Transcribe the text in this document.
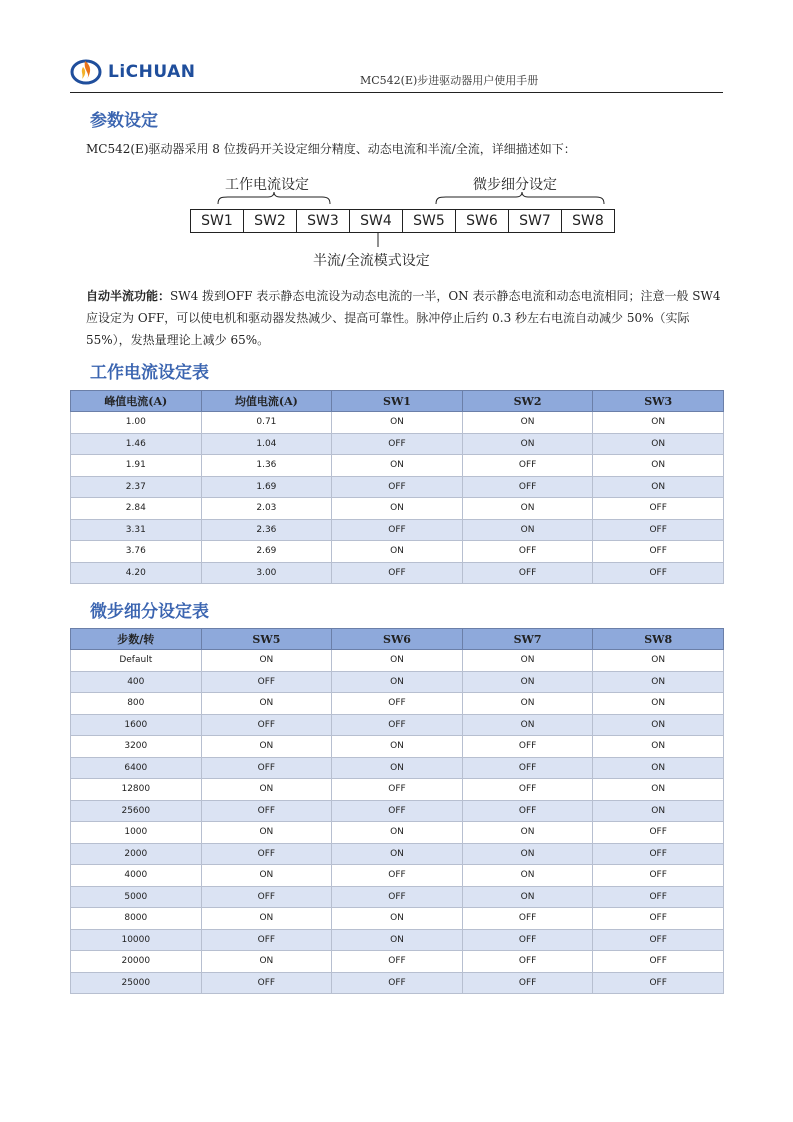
LiCHUAN	MC542(E)步进驱动器用户使用手册
参数设定

MC542(E)驱动器采用 8 位拨码开关设定细分精度、动态电流和半流/全流，详细描述如下：

工作电流设定	微步细分设定
SW1	SW2	SW3	SW4	SW5	SW6	SW7	SW8
半流/全流模式设定
自动半流功能：SW4 拨到OFF 表示静态电流设为动态电流的一半，ON 表示静态电流和动态电流相同；注意一般 SW4 应设定为 OFF，可以使电机和驱动器发热减少、提高可靠性。脉冲停止后约 0.3 秒左右电流自动减少 50%（实际 55%），发热量理论上减少 65%。
工作电流设定表
峰值电流(A)	均值电流(A)	SW1	SW2	SW3
1.00	0.71	ON	ON	ON
1.46	1.04	OFF	ON	ON
1.91	1.36	ON	OFF	ON
2.37	1.69	OFF	OFF	ON
2.84	2.03	ON	ON	OFF
3.31	2.36	OFF	ON	OFF
3.76	2.69	ON	OFF	OFF
4.20	3.00	OFF	OFF	OFF
微步细分设定表
步数/转	SW5	SW6	SW7	SW8
Default	ON	ON	ON	ON
400	OFF	ON	ON	ON
800	ON	OFF	ON	ON
1600	OFF	OFF	ON	ON
3200	ON	ON	OFF	ON
6400	OFF	ON	OFF	ON
12800	ON	OFF	OFF	ON
25600	OFF	OFF	OFF	ON
1000	ON	ON	ON	OFF
2000	OFF	ON	ON	OFF
4000	ON	OFF	ON	OFF
5000	OFF	OFF	ON	OFF
8000	ON	ON	OFF	OFF
10000	OFF	ON	OFF	OFF
20000	ON	OFF	OFF	OFF
25000	OFF	OFF	OFF	OFF
